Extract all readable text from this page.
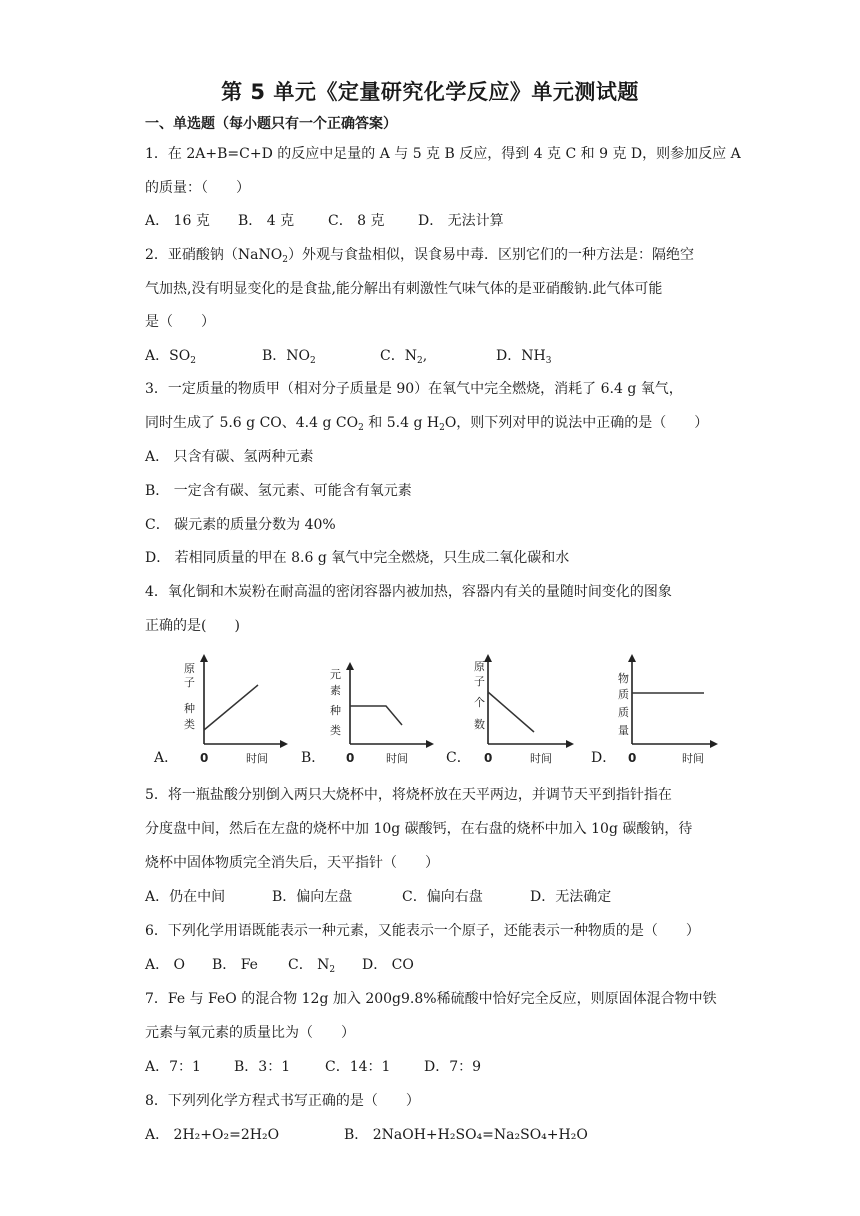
第 5 单元《定量研究化学反应》单元测试题
一、单选题（每小题只有一个正确答案）
1．在 2A+B=C+D 的反应中足量的 A 与 5 克 B 反应，得到 4 克 C 和 9 克 D，则参加反应 A
的质量：（　　）
A． 16 克 B． 4 克 C． 8 克 D． 无法计算
2．亚硝酸钠（NaNO$_2$）外观与食盐相似，误食易中毒．区别它们的一种方法是：隔绝空
气加热,没有明显变化的是食盐,能分解出有刺激性气味气体的是亚硝酸钠.此气体可能
是（　　）
A．$SO_2$	B．$NO_2$	C．$N_2$,	D．$NH_3$
3．一定质量的物质甲（相对分子质量是 90）在氧气中完全燃烧，消耗了 6.4 g 氧气，
同时生成了 5.6 g CO、4.4 g $CO_2$ 和 5.4 g $H_2O$，则下列对甲的说法中正确的是（　　）
A． 只含有碳、氢两种元素
B． 一定含有碳、氢元素、可能含有氧元素
C． 碳元素的质量分数为 40%
D． 若相同质量的甲在 8.6 g 氧气中完全燃烧，只生成二氧化碳和水
4．氧化铜和木炭粉在耐高温的密闭容器内被加热，容器内有关的量随时间变化的图象
正确的是(　　)
A．
原
子
种
类
0	时间 B．
元
素
种
类
0	时间	C．
原
子
个
数
0	时间	D．
物
质
质
量
0	时间
5．将一瓶盐酸分别倒入两只大烧杯中，将烧杯放在天平两边，并调节天平到指针指在
分度盘中间，然后在左盘的烧杯中加 10g 碳酸钙，在右盘的烧杯中加入 10g 碳酸钠，待
烧杯中固体物质完全消失后，天平指针（　　）
A．仍在中间	B．偏向左盘	C．偏向右盘	D．无法确定
6．下列化学用语既能表示一种元素，又能表示一个原子，还能表示一种物质的是（　　）
A． O B． Fe C． $N_2$ D． CO
7．Fe 与 FeO 的混合物 12g 加入 200g9.8%稀硫酸中恰好完全反应，则原固体混合物中铁
元素与氧元素的质量比为（　　）
A．7：1 B．3：1 C．14：1 D．7：9
8．下列列化学方程式书写正确的是（　　）
A． 2H₂+O₂=2H₂O	B． 2NaOH+H₂SO₄=Na₂SO₄+H₂O
